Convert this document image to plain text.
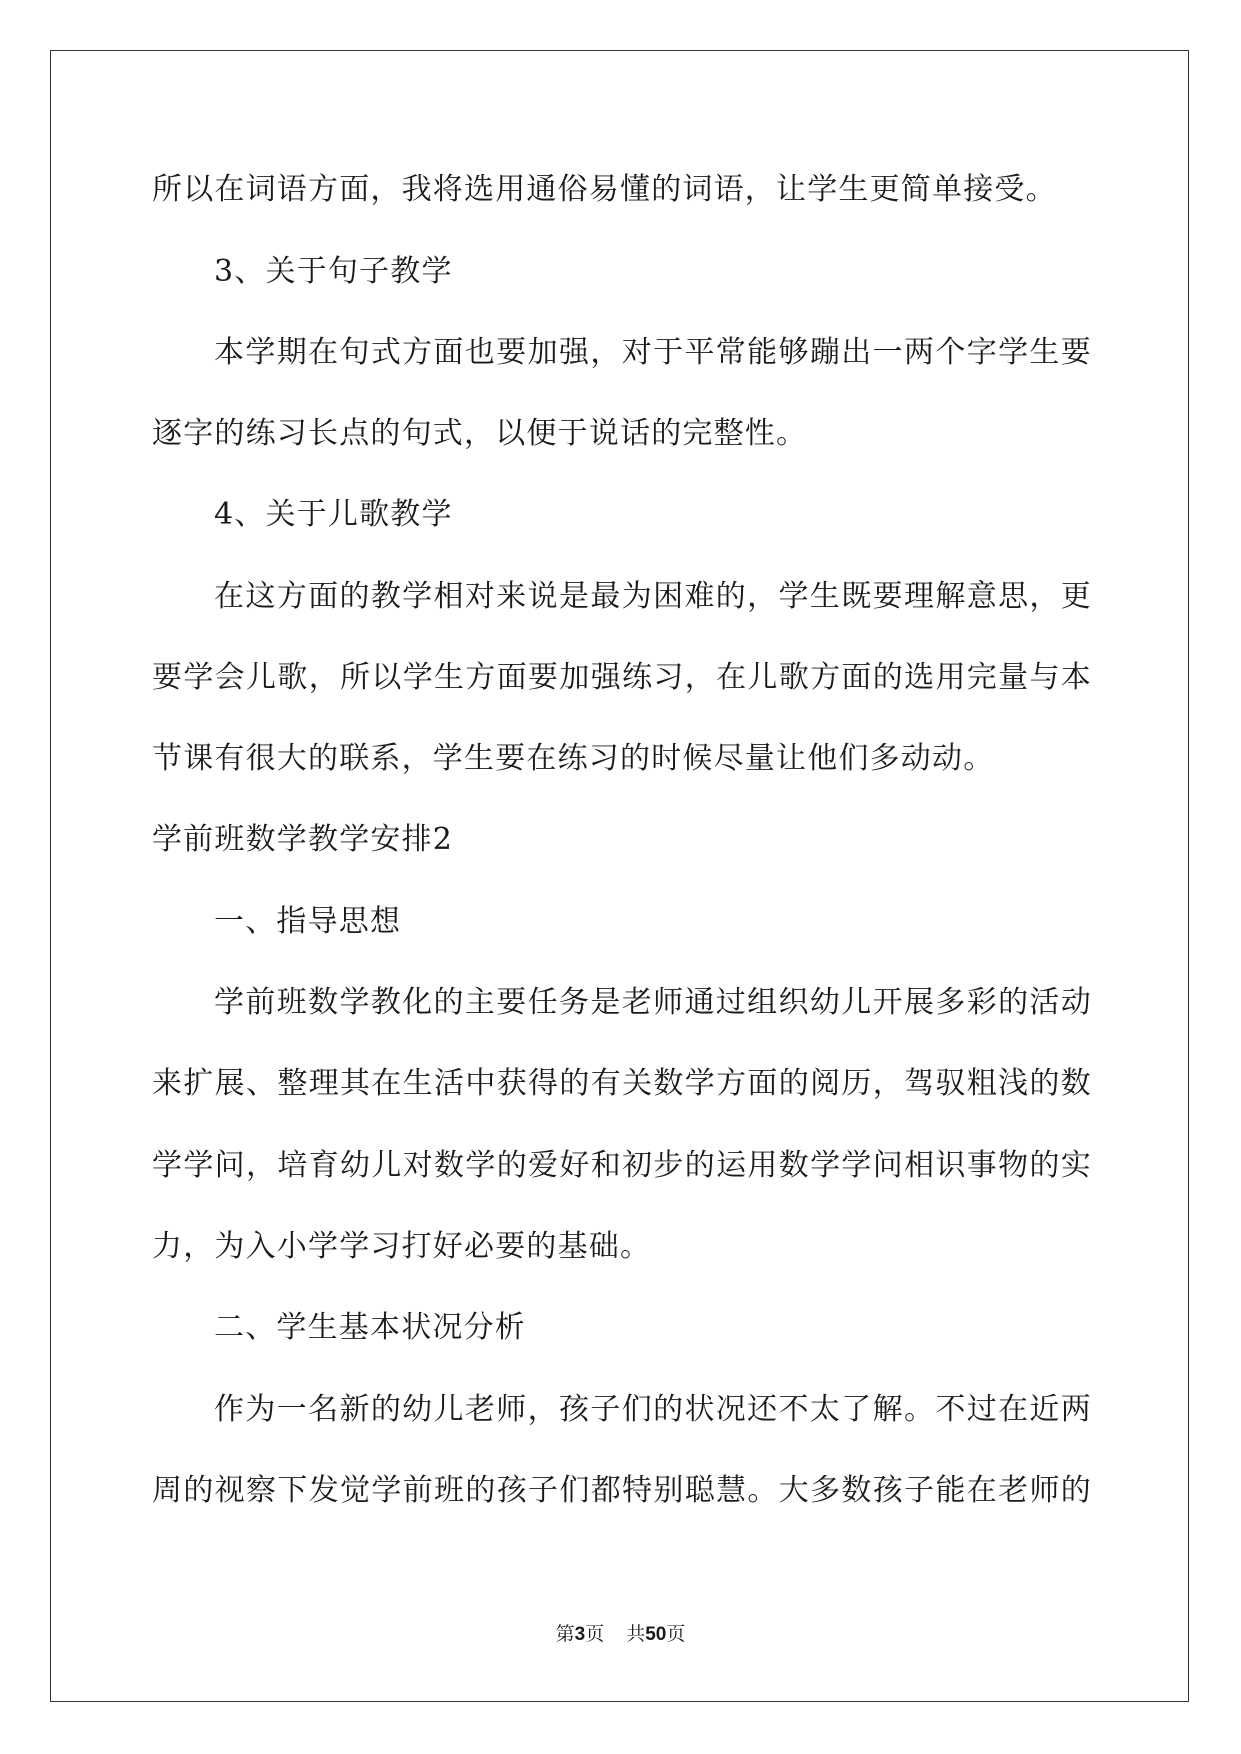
所以在词语方面，我将选用通俗易懂的词语，让学生更简单接受。
3、关于句子教学
本学期在句式方面也要加强，对于平常能够蹦出一两个字学生要
逐字的练习长点的句式，以便于说话的完整性。
4、关于儿歌教学
在这方面的教学相对来说是最为困难的，学生既要理解意思，更
要学会儿歌，所以学生方面要加强练习，在儿歌方面的选用完量与本
节课有很大的联系，学生要在练习的时候尽量让他们多动动。
学前班数学教学安排2
一、指导思想
学前班数学教化的主要任务是老师通过组织幼儿开展多彩的活动
来扩展、整理其在生活中获得的有关数学方面的阅历，驾驭粗浅的数
学学问，培育幼儿对数学的爱好和初步的运用数学学问相识事物的实
力，为入小学学习打好必要的基础。
二、学生基本状况分析
作为一名新的幼儿老师，孩子们的状况还不太了解。不过在近两
周的视察下发觉学前班的孩子们都特别聪慧。大多数孩子能在老师的
第3页 共50页
